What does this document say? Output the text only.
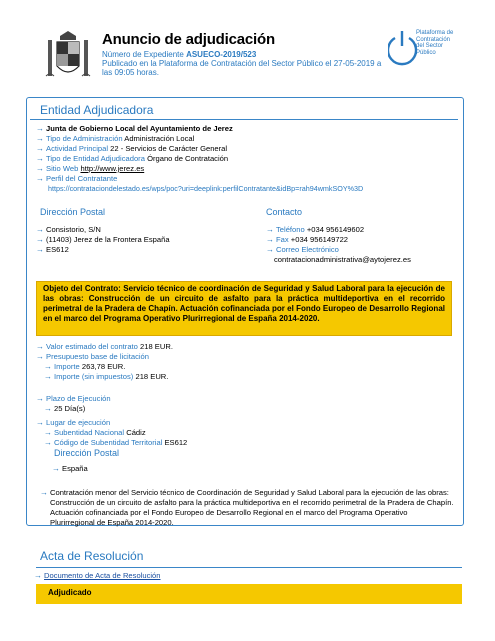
Anuncio de adjudicación
Número de Expediente ASUECO-2019/523
Publicado en la Plataforma de Contratación del Sector Público el 27-05-2019 a
las 09:05 horas.
Plataforma de
Contratación
del Sector
Público
Entidad Adjudicadora
→ Junta de Gobierno Local del Ayuntamiento de Jerez
→ Tipo de Administración Administración Local
→ Actividad Principal 22 - Servicios de Carácter General
→ Tipo de Entidad Adjudicadora Órgano de Contratación
→ Sitio Web http://www.jerez.es
→ Perfil del Contratante
https://contrataciondelestado.es/wps/poc?uri=deeplink:perfilContratante&idBp=rah94wmkSOY%3D
Dirección Postal	Contacto
→ Consistorio, S/N
→ (11403) Jerez de la Frontera España
→ ES612
→ Teléfono +034 956149602
→ Fax +034 956149722
→ Correo Electrónico
contratacionadministrativa@aytojerez.es
Objeto del Contrato: Servicio técnico de coordinación de Seguridad y Salud Laboral para la ejecución de las obras: Construcción de un circuito de asfalto para la práctica multideportiva en el recorrido perimetral de la Pradera de Chapín. Actuación cofinanciada por el Fondo Europeo de Desarrollo Regional en el marco del Programa Operativo Plurirregional de España 2014-2020.
→ Valor estimado del contrato 218 EUR.
→ Presupuesto base de licitación
→ Importe 263,78 EUR.
→ Importe (sin impuestos) 218 EUR.
→ Plazo de Ejecución
→ 25 Día(s)
→ Lugar de ejecución
→ Subentidad Nacional Cádiz
→ Código de Subentidad Territorial ES612
Dirección Postal
→ España
→ Contratación menor del Servicio técnico de Coordinación de Seguridad y Salud Laboral para la ejecución de las obras: Construcción de un circuito de asfalto para la práctica multideportiva en el recorrido perimetral de la Pradera de Chapín. Actuación cofinanciada por el Fondo Europeo de Desarrollo Regional en el marco del Programa Operativo Plurirregional de España 2014-2020.
Acta de Resolución
→ Documento de Acta de Resolución
Adjudicado
